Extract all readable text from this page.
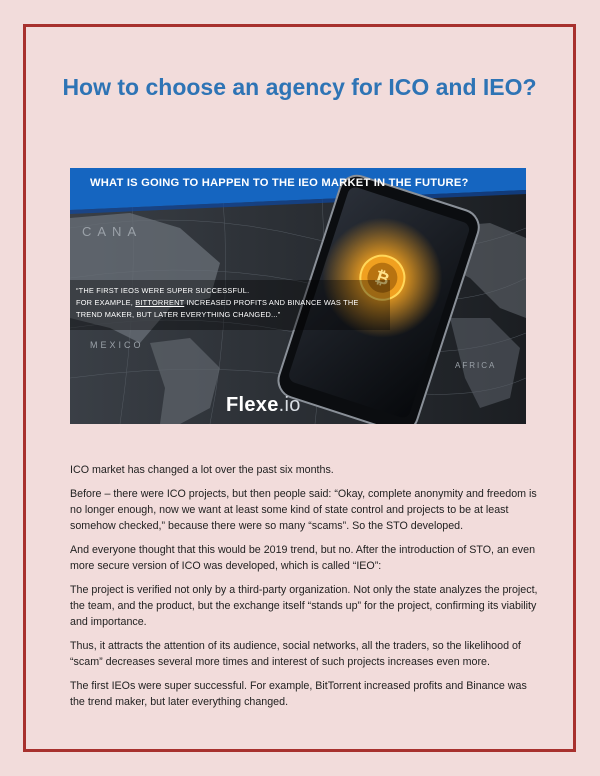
How to choose an agency for ICO and IEO?
CANA
MEXICO
AFRICA
₿
WHAT IS GOING TO HAPPEN TO THE IEO MARKET IN THE FUTURE?
“THE FIRST IEOS WERE SUPER SUCCESSFUL.
FOR EXAMPLE, BITTORRENT INCREASED PROFITS AND BINANCE WAS THE
TREND MAKER, BUT LATER EVERYTHING CHANGED...”
Flexe.io

ICO market has changed a lot over the past six months.

Before – there were ICO projects, but then people said: “Okay, complete anonymity and freedom is no longer enough, now we want at least some kind of state control and projects to be at least somehow checked,” because there were so many “scams”. So the STO developed.

And everyone thought that this would be 2019 trend, but no. After the introduction of STO, an even more secure version of ICO was developed, which is called “IEO”:

The project is verified not only by a third-party organization. Not only the state analyzes the project, the team, and the product, but the exchange itself “stands up” for the project, confirming its viability and importance.

Thus, it attracts the attention of its audience, social networks, all the traders, so the likelihood of “scam” decreases several more times and interest of such projects increases even more.

The first IEOs were super successful. For example, BitTorrent increased profits and Binance was the trend maker, but later everything changed.
